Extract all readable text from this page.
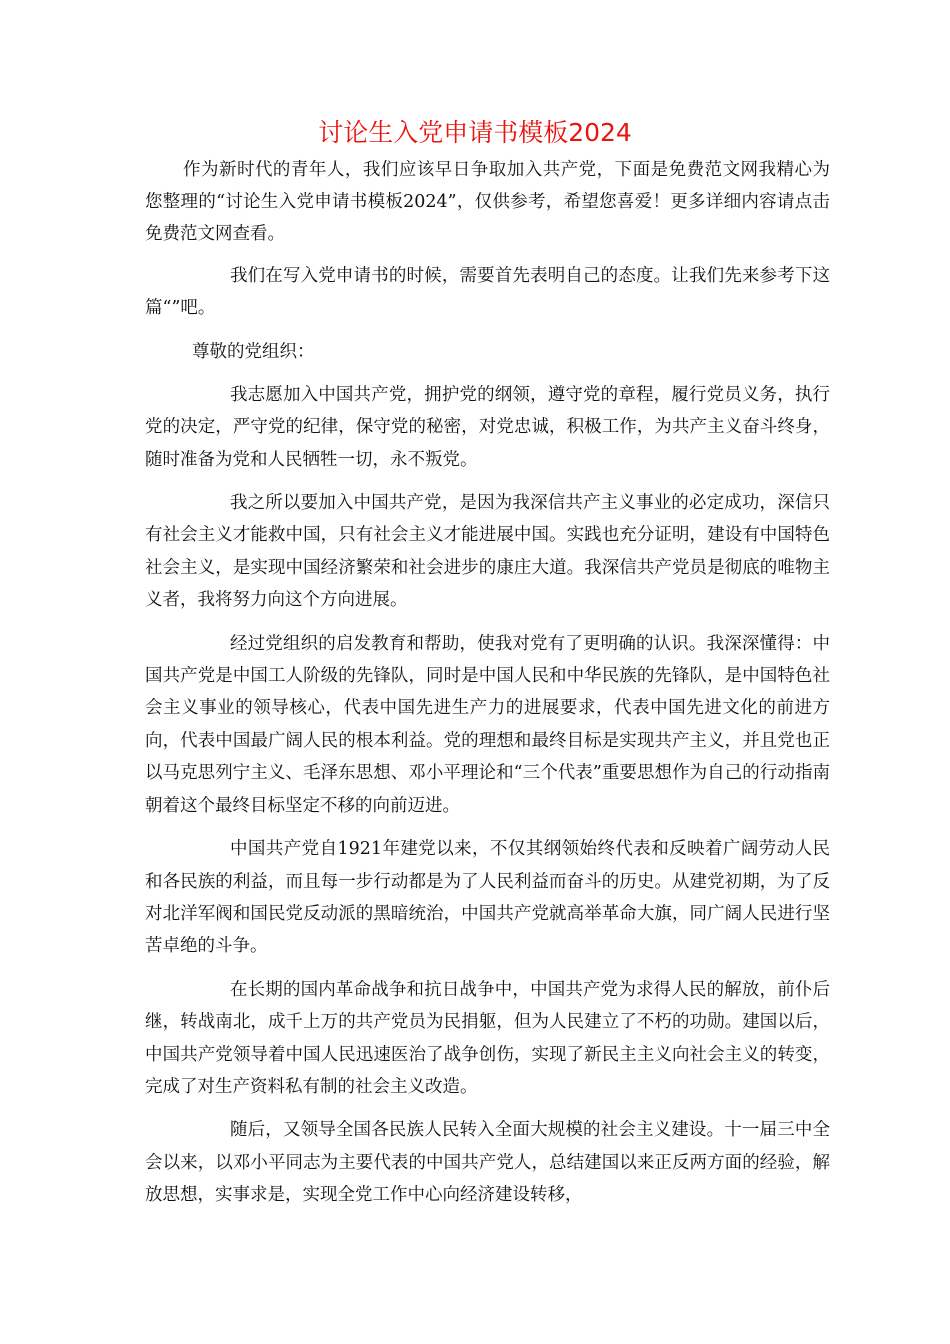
讨论生入党申请书模板2024

作为新时代的青年人，我们应该早日争取加入共产党，下面是免费范文网我精心为您整理的“讨论生入党申请书模板2024”，仅供参考，希望您喜爱！更多详细内容请点击免费范文网查看。

我们在写入党申请书的时候，需要首先表明自己的态度。让我们先来参考下这篇“”吧。

尊敬的党组织：

我志愿加入中国共产党，拥护党的纲领，遵守党的章程，履行党员义务，执行党的决定，严守党的纪律，保守党的秘密，对党忠诚，积极工作，为共产主义奋斗终身，随时准备为党和人民牺牲一切，永不叛党。

我之所以要加入中国共产党，是因为我深信共产主义事业的必定成功，深信只有社会主义才能救中国，只有社会主义才能进展中国。实践也充分证明，建设有中国特色社会主义，是实现中国经济繁荣和社会进步的康庄大道。我深信共产党员是彻底的唯物主义者，我将努力向这个方向进展。

经过党组织的启发教育和帮助，使我对党有了更明确的认识。我深深懂得：中国共产党是中国工人阶级的先锋队，同时是中国人民和中华民族的先锋队，是中国特色社会主义事业的领导核心，代表中国先进生产力的进展要求，代表中国先进文化的前进方向，代表中国最广阔人民的根本利益。党的理想和最终目标是实现共产主义，并且党也正以马克思列宁主义、毛泽东思想、邓小平理论和“三个代表”重要思想作为自己的行动指南朝着这个最终目标坚定不移的向前迈进。

中国共产党自1921年建党以来，不仅其纲领始终代表和反映着广阔劳动人民和各民族的利益，而且每一步行动都是为了人民利益而奋斗的历史。从建党初期，为了反对北洋军阀和国民党反动派的黑暗统治，中国共产党就高举革命大旗，同广阔人民进行坚苦卓绝的斗争。

在长期的国内革命战争和抗日战争中，中国共产党为求得人民的解放，前仆后继，转战南北，成千上万的共产党员为民捐躯，但为人民建立了不朽的功勋。建国以后，中国共产党领导着中国人民迅速医治了战争创伤，实现了新民主主义向社会主义的转变，完成了对生产资料私有制的社会主义改造。

随后，又领导全国各民族人民转入全面大规模的社会主义建设。十一届三中全会以来，以邓小平同志为主要代表的中国共产党人，总结建国以来正反两方面的经验，解放思想，实事求是，实现全党工作中心向经济建设转移，
